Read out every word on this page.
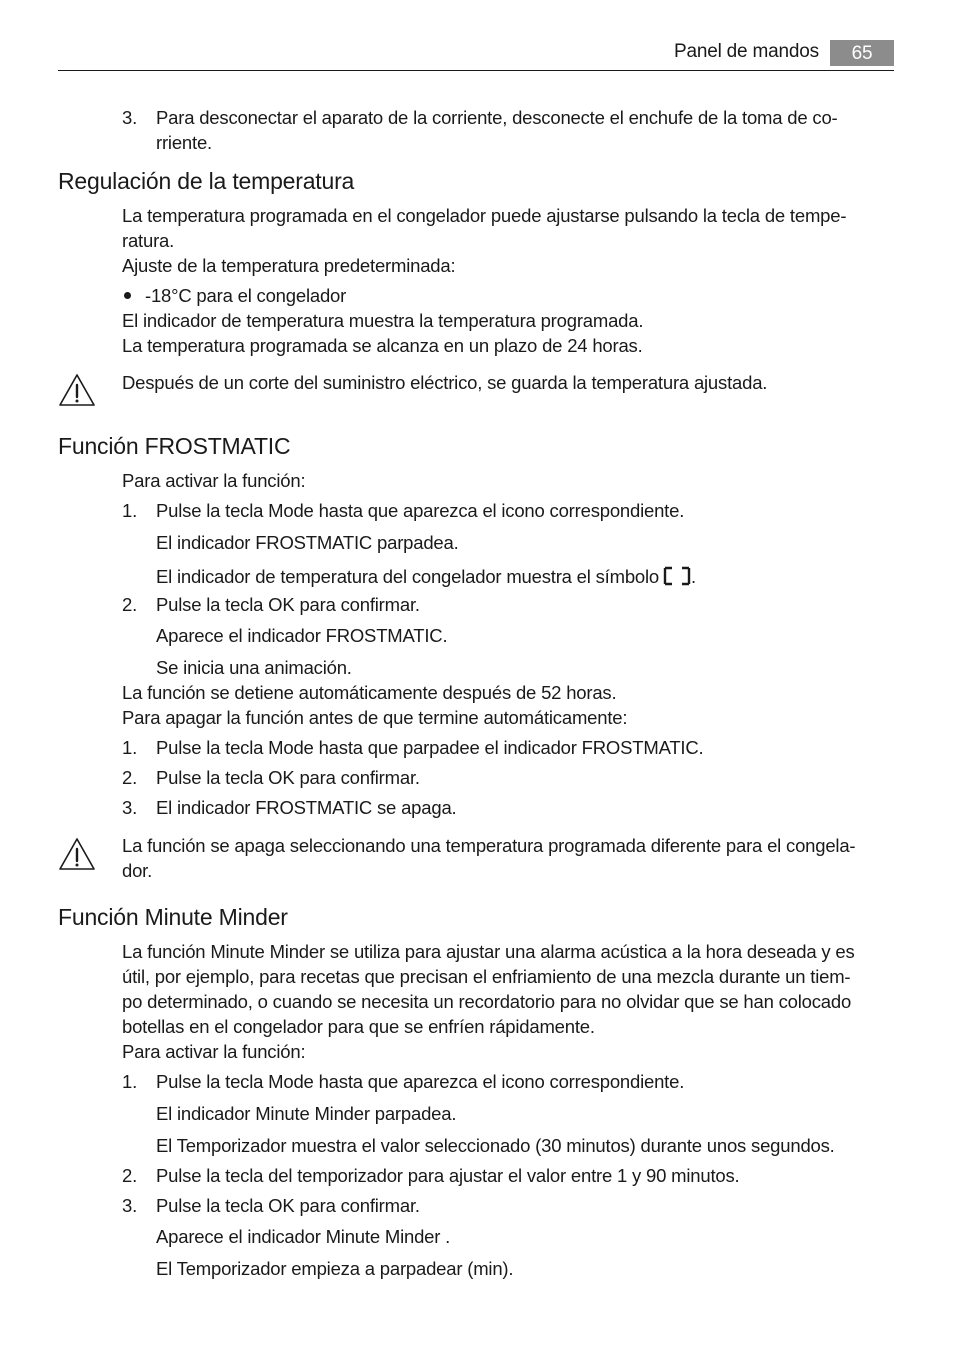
Panel de mandos	65
3. Para desconectar el aparato de la corriente, desconecte el enchufe de la toma de co-
rriente.
Regulación de la temperatura
La temperatura programada en el congelador puede ajustarse pulsando la tecla de tempe-
ratura.
Ajuste de la temperatura predeterminada:
-18°C para el congelador
El indicador de temperatura muestra la temperatura programada.
La temperatura programada se alcanza en un plazo de 24 horas.
Después de un corte del suministro eléctrico, se guarda la temperatura ajustada.
Función FROSTMATIC
Para activar la función:
1. Pulse la tecla Mode hasta que aparezca el icono correspondiente.
El indicador FROSTMATIC parpadea.
El indicador de temperatura del congelador muestra el símbolo .
2. Pulse la tecla OK para confirmar.
Aparece el indicador FROSTMATIC.
Se inicia una animación.
La función se detiene automáticamente después de 52 horas.
Para apagar la función antes de que termine automáticamente:
1. Pulse la tecla Mode hasta que parpadee el indicador FROSTMATIC.
2. Pulse la tecla OK para confirmar.
3. El indicador FROSTMATIC se apaga.
La función se apaga seleccionando una temperatura programada diferente para el congela-
dor.
Función Minute Minder
La función Minute Minder se utiliza para ajustar una alarma acústica a la hora deseada y es
útil, por ejemplo, para recetas que precisan el enfriamiento de una mezcla durante un tiem-
po determinado, o cuando se necesita un recordatorio para no olvidar que se han colocado
botellas en el congelador para que se enfríen rápidamente.
Para activar la función:
1. Pulse la tecla Mode hasta que aparezca el icono correspondiente.
El indicador Minute Minder parpadea.
El Temporizador muestra el valor seleccionado (30 minutos) durante unos segundos.
2. Pulse la tecla del temporizador para ajustar el valor entre 1 y 90 minutos.
3. Pulse la tecla OK para confirmar.
Aparece el indicador Minute Minder .
El Temporizador empieza a parpadear (min).
